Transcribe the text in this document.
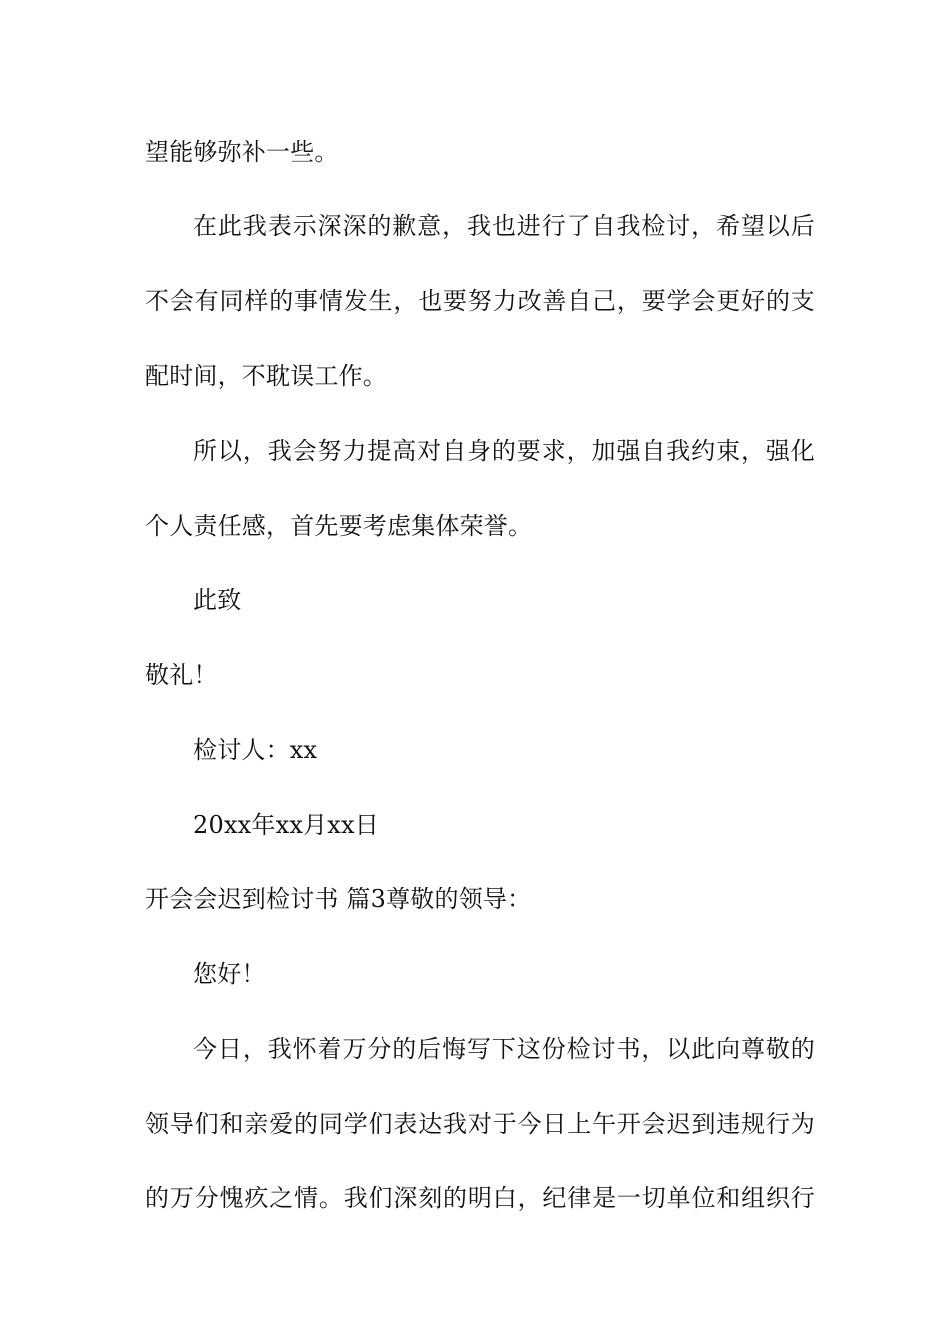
望能够弥补一些。
在此我表示深深的歉意，我也进行了自我检讨，希望以后
不会有同样的事情发生，也要努力改善自己，要学会更好的支
配时间，不耽误工作。
所以，我会努力提高对自身的要求，加强自我约束，强化
个人责任感，首先要考虑集体荣誉。
此致
敬礼！
检讨人：xx
20xx年xx月xx日
开会会迟到检讨书 篇3尊敬的领导：
您好！
今日，我怀着万分的后悔写下这份检讨书，以此向尊敬的
领导们和亲爱的同学们表达我对于今日上午开会迟到违规行为
的万分愧疚之情。我们深刻的明白，纪律是一切单位和组织行
